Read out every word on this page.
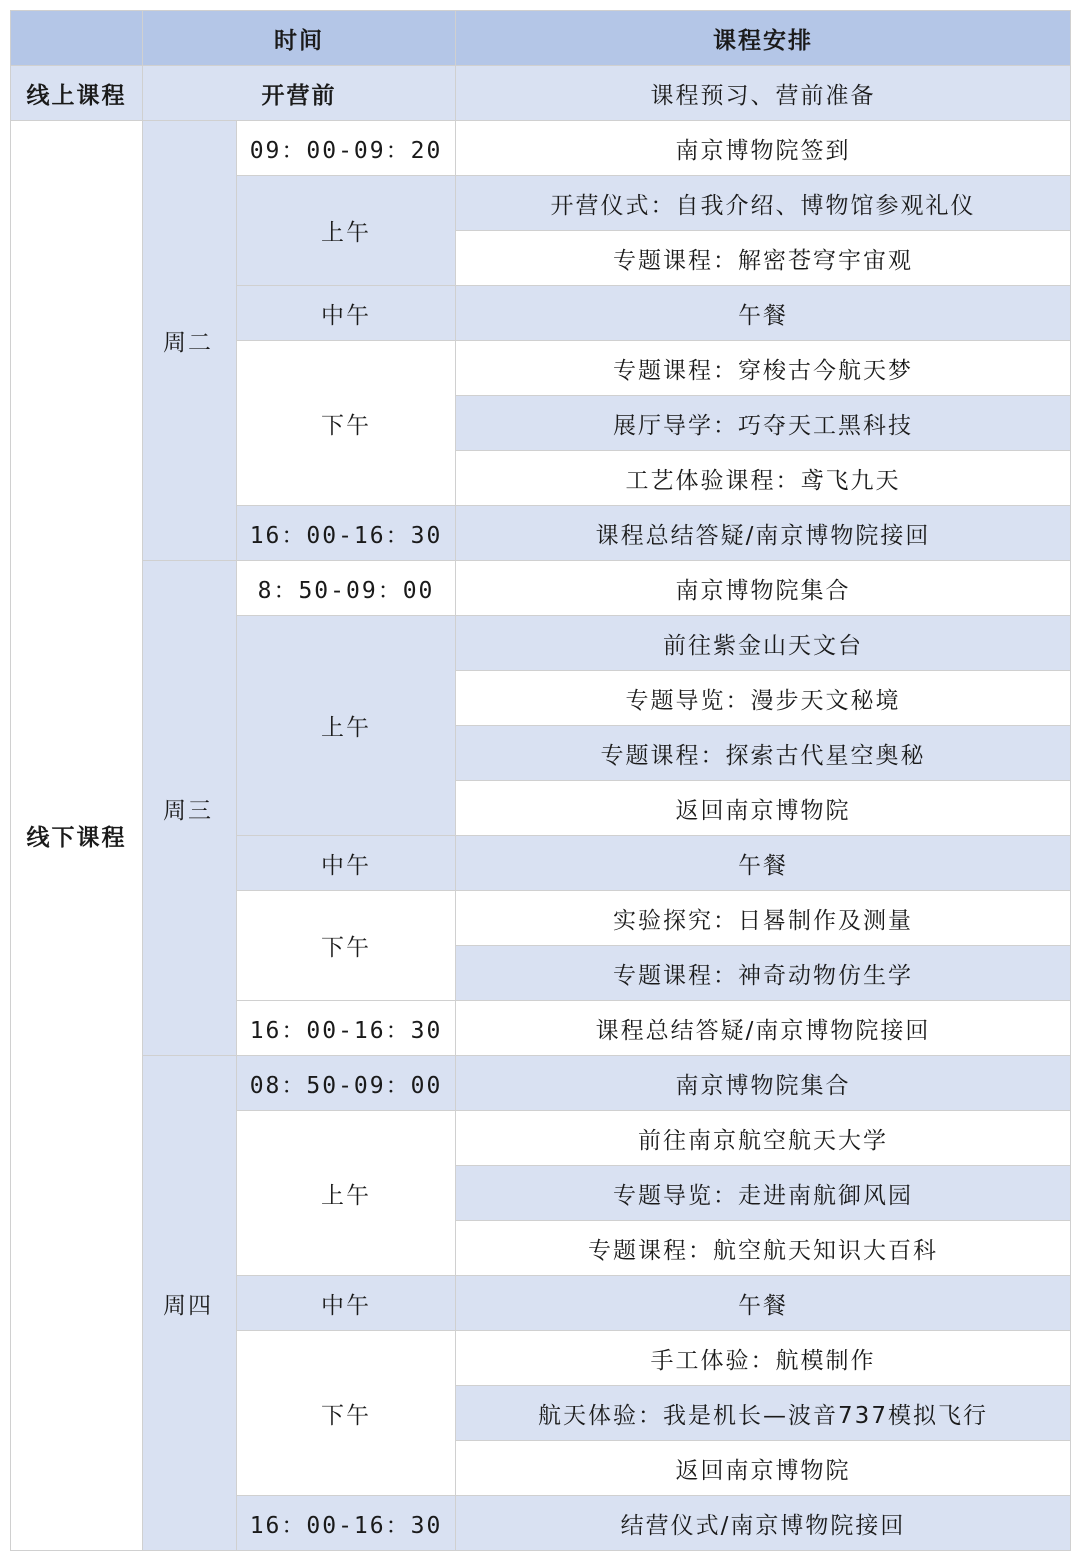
	时间		课程安排
线上课程	开营前		课程预习、营前准备
线下课程	周二	09：00-09：20	南京博物院签到
		上午	开营仪式：自我介绍、博物馆参观礼仪
			专题课程：解密苍穹宇宙观
		中午	午餐
		下午	专题课程：穿梭古今航天梦
			展厅导学：巧夺天工黑科技
			工艺体验课程：鸢飞九天
		16：00-16：30	课程总结答疑/南京博物院接回
	周三	8：50-09：00	南京博物院集合
		上午	前往紫金山天文台
			专题导览：漫步天文秘境
			专题课程：探索古代星空奥秘
			返回南京博物院
		中午	午餐
		下午	实验探究：日晷制作及测量
			专题课程：神奇动物仿生学
		16：00-16：30	课程总结答疑/南京博物院接回
	周四	08：50-09：00	南京博物院集合
		上午	前往南京航空航天大学
			专题导览：走进南航御风园
			专题课程：航空航天知识大百科
		中午	午餐
		下午	手工体验：航模制作
			航天体验：我是机长—波音737模拟飞行
			返回南京博物院
		16：00-16：30	结营仪式/南京博物院接回
